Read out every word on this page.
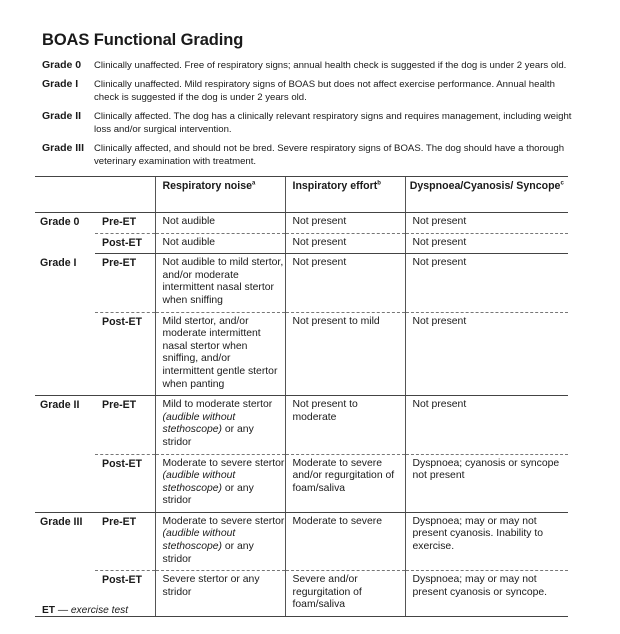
BOAS Functional Grading
Grade 0	Clinically unaffected. Free of respiratory signs; annual health check is suggested if the dog is under 2 years old.
Grade I	Clinically unaffected. Mild respiratory signs of BOAS but does not affect exercise performance. Annual health check is suggested if the dog is under 2 years old.
Grade II	Clinically affected. The dog has a clinically relevant respiratory signs and requires management, including weight loss and/or surgical intervention.
Grade III	Clinically affected, and should not be bred. Severe respiratory signs of BOAS. The dog should have a thorough veterinary examination with treatment.
		Respiratory noise$^a$	Inspiratory effort$^b$	Dyspnoea/Cyanosis/ Syncope$^c$
Grade 0	Pre-ET	Not audible	Not present	Not present
	Post-ET	Not audible	Not present	Not present
Grade I	Pre-ET	Not audible to mild stertor, and/or moderate intermittent nasal stertor when sniffing	Not present	Not present
	Post-ET	Mild stertor, and/or moderate intermittent nasal stertor when sniffing, and/or intermittent gentle stertor when panting	Not present to mild	Not present
Grade II	Pre-ET	Mild to moderate stertor (audible without stethoscope) or any stridor	Not present to moderate	Not present
	Post-ET	Moderate to severe stertor (audible without stethoscope) or any stridor	Moderate to severe and/or regurgitation of foam/saliva	Dyspnoea; cyanosis or syncope not present
Grade III	Pre-ET	Moderate to severe stertor (audible without stethoscope) or any stridor	Moderate to severe	Dyspnoea; may or may not present cyanosis. Inability to exercise.
	Post-ET	Severe stertor or any stridor	Severe and/or regurgitation of foam/saliva	Dyspnoea; may or may not present cyanosis or syncope.
ET — exercise test
